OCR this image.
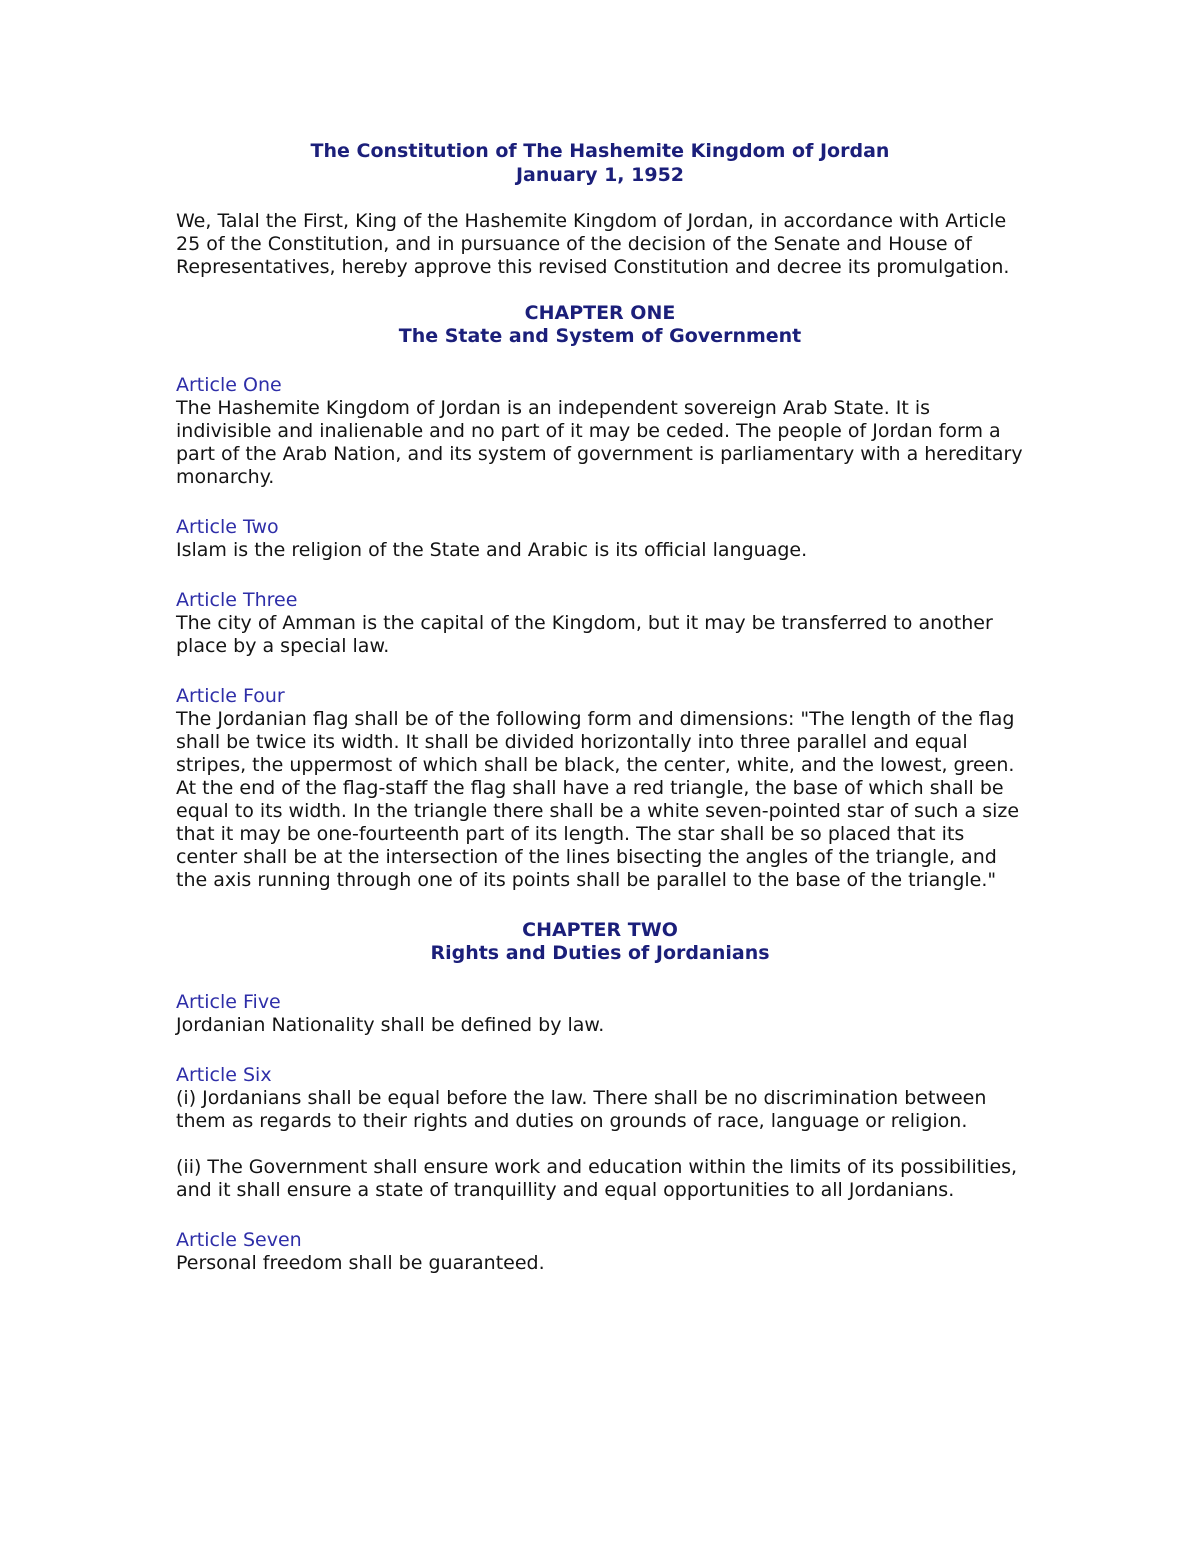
The Constitution of The Hashemite Kingdom of Jordan
January 1, 1952

We, Talal the First, King of the Hashemite Kingdom of Jordan, in accordance with Article 25 of the Constitution, and in pursuance of the decision of the Senate and House of Representatives, hereby approve this revised Constitution and decree its promulgation.

CHAPTER ONE
The State and System of Government
Article One

The Hashemite Kingdom of Jordan is an independent sovereign Arab State. It is indivisible and inalienable and no part of it may be ceded. The people of Jordan form a part of the Arab Nation, and its system of government is parliamentary with a hereditary monarchy.

Article Two

Islam is the religion of the State and Arabic is its official language.

Article Three

The city of Amman is the capital of the Kingdom, but it may be transferred to another place by a special law.

Article Four

The Jordanian flag shall be of the following form and dimensions: "The length of the flag shall be twice its width. It shall be divided horizontally into three parallel and equal stripes, the uppermost of which shall be black, the center, white, and the lowest, green. At the end of the flag-staff the flag shall have a red triangle, the base of which shall be equal to its width. In the triangle there shall be a white seven-pointed star of such a size that it may be one-fourteenth part of its length. The star shall be so placed that its center shall be at the intersection of the lines bisecting the angles of the triangle, and the axis running through one of its points shall be parallel to the base of the triangle."

CHAPTER TWO
Rights and Duties of Jordanians
Article Five

Jordanian Nationality shall be defined by law.

Article Six

(i) Jordanians shall be equal before the law. There shall be no discrimination between them as regards to their rights and duties on grounds of race, language or religion.

(ii) The Government shall ensure work and education within the limits of its possibilities, and it shall ensure a state of tranquillity and equal opportunities to all Jordanians.

Article Seven

Personal freedom shall be guaranteed.
